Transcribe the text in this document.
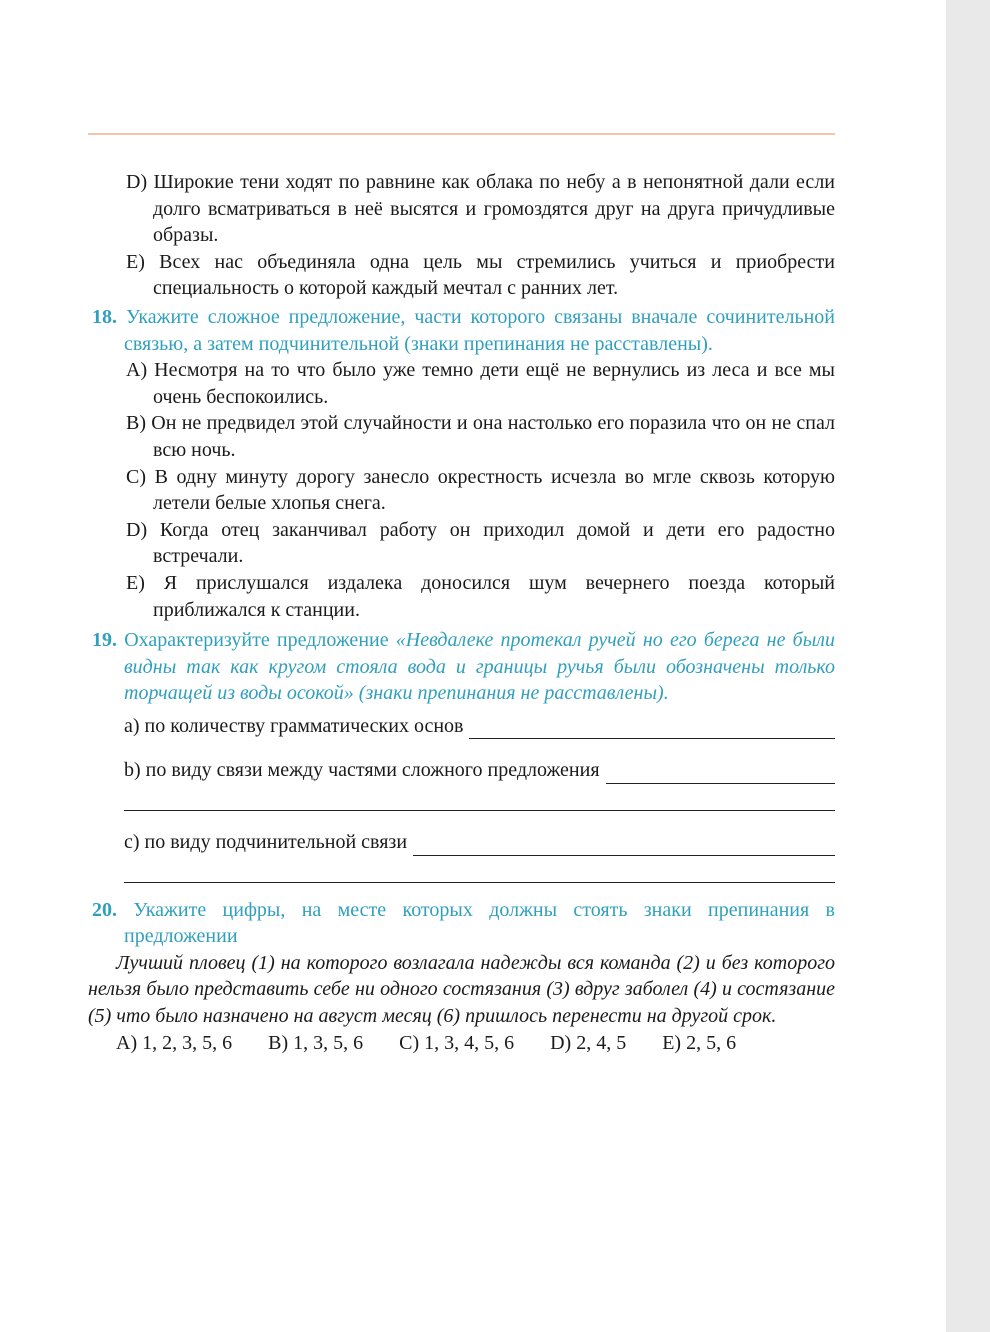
D) Широкие тени ходят по равнине как облака по небу а в непонятной дали если долго всматриваться в неё высятся и громоздятся друг на друга причудливые образы.
E) Всех нас объединяла одна цель мы стремились учиться и приобрести специальность о которой каждый мечтал с ранних лет.
18. Укажите сложное предложение, части которого связаны вначале сочинительной связью, а затем подчинительной (знаки препинания не расставлены).
A) Несмотря на то что было уже темно дети ещё не вернулись из леса и все мы очень беспокоились.
B) Он не предвидел этой случайности и она настолько его поразила что он не спал всю ночь.
C) В одну минуту дорогу занесло окрестность исчезла во мгле сквозь которую летели белые хлопья снега.
D) Когда отец заканчивал работу он приходил домой и дети его радостно встречали.
E) Я прислушался издалека доносился шум вечернего поезда который приближался к станции.
19. Охарактеризуйте предложение «Невдалеке протекал ручей но его берега не были видны так как кругом стояла вода и границы ручья были обозначены только торчащей из воды осокой» (знаки препинания не расставлены).
a) по количеству грамматических основ
b) по виду связи между частями сложного предложения
c) по виду подчинительной связи
20. Укажите цифры, на месте которых должны стоять знаки препинания в предложении
Лучший пловец (1) на которого возлагала надежды вся команда (2) и без которого нельзя было представить себе ни одного состязания (3) вдруг заболел (4) и состязание (5) что было назначено на август месяц (6) пришлось перенести на другой срок.
A) 1, 2, 3, 5, 6 B) 1, 3, 5, 6 C) 1, 3, 4, 5, 6 D) 2, 4, 5 E) 2, 5, 6
